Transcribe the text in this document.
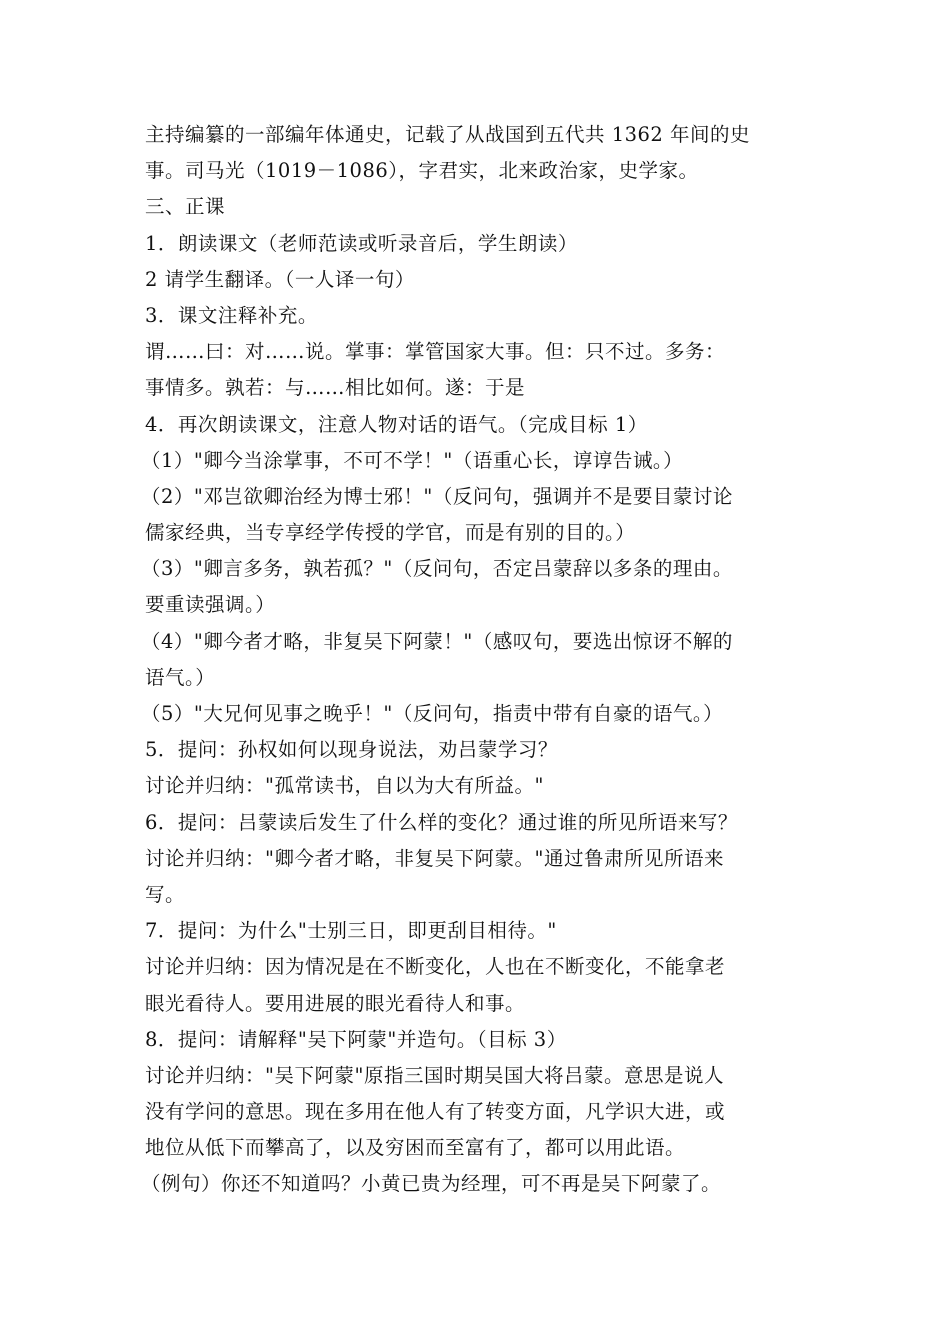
主持编纂的一部编年体通史，记载了从战国到五代共 1362 年间的史
事。司马光（1019－1086），字君实，北来政治家，史学家。
三、正课
1．朗读课文（老师范读或听录音后，学生朗读）
2 请学生翻译。（一人译一句）
3．课文注释补充。
谓……曰：对……说。掌事：掌管国家大事。但：只不过。多务：
事情多。孰若：与……相比如何。遂：于是
4．再次朗读课文，注意人物对话的语气。（完成目标 1）
（1）"卿今当涂掌事，不可不学！"（语重心长，谆谆告诫。）
（2）"邓岂欲卿治经为博士邪！"（反问句，强调并不是要目蒙讨论
儒家经典，当专享经学传授的学官，而是有别的目的。）
（3）"卿言多务，孰若孤？"（反问句，否定吕蒙辞以多条的理由。
要重读强调。）
（4）"卿今者才略，非复吴下阿蒙！"（感叹句，要选出惊讶不解的
语气。）
（5）"大兄何见事之晚乎！"（反问句，指责中带有自豪的语气。）
5．提问：孙权如何以现身说法，劝吕蒙学习？
讨论并归纳："孤常读书，自以为大有所益。"
6．提问：吕蒙读后发生了什么样的变化？通过谁的所见所语来写？
讨论并归纳："卿今者才略，非复吴下阿蒙。"通过鲁肃所见所语来
写。
7．提问：为什么"士别三日，即更刮目相待。"
讨论并归纳：因为情况是在不断变化，人也在不断变化，不能拿老
眼光看待人。要用进展的眼光看待人和事。
8．提问：请解释"吴下阿蒙"并造句。（目标 3）
讨论并归纳："吴下阿蒙"原指三国时期吴国大将吕蒙。意思是说人
没有学问的意思。现在多用在他人有了转变方面，凡学识大进，或
地位从低下而攀高了，以及穷困而至富有了，都可以用此语。
（例句）你还不知道吗？小黄已贵为经理，可不再是吴下阿蒙了。
